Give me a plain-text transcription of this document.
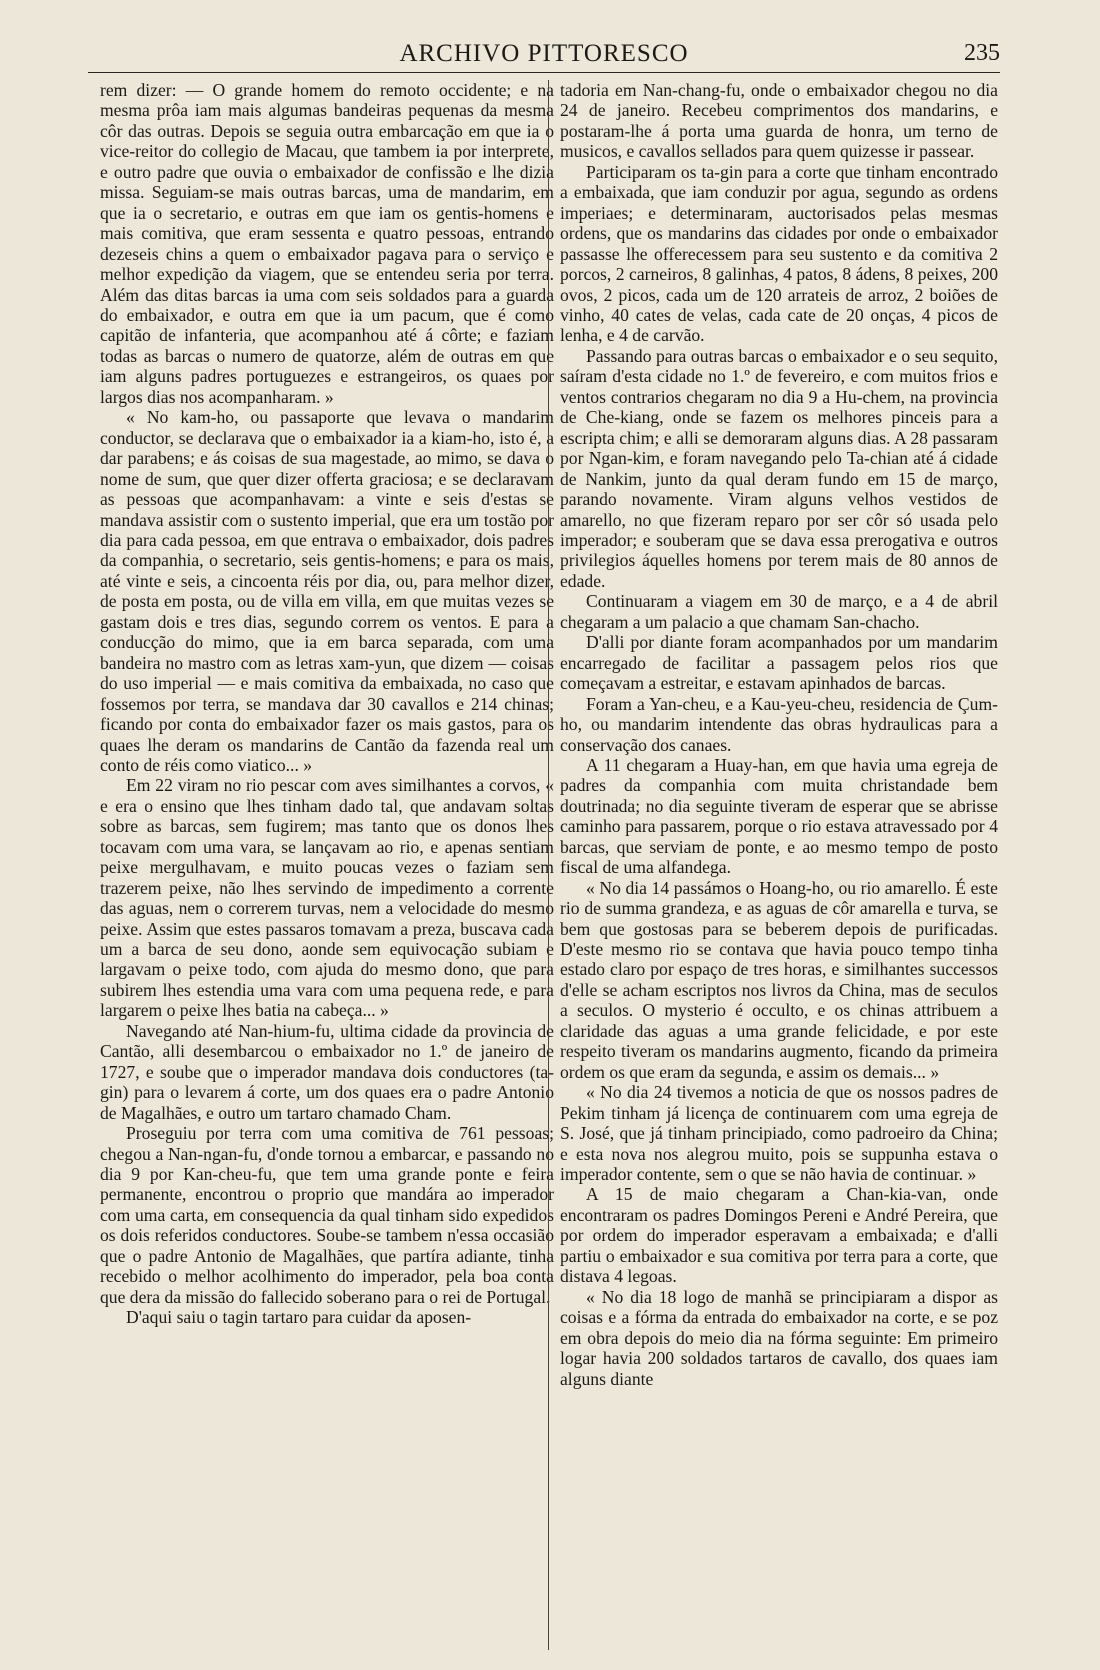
ARCHIVO PITTORESCO	235

rem dizer: — O grande homem do remoto occidente; e na mesma prôa iam mais algumas bandeiras pequenas da mesma côr das outras. Depois se seguia outra embarcação em que ia o vice-reitor do collegio de Macau, que tambem ia por interprete, e outro padre que ouvia o embaixador de confissão e lhe dizia missa. Seguiam-se mais outras barcas, uma de mandarim, em que ia o secretario, e outras em que iam os gentis-homens e mais comitiva, que eram sessenta e quatro pessoas, entrando dezeseis chins a quem o embaixador pagava para o serviço e melhor expedição da viagem, que se entendeu seria por terra. Além das ditas barcas ia uma com seis soldados para a guarda do embaixador, e outra em que ia um pacum, que é como capitão de infanteria, que acompanhou até á côrte; e faziam todas as barcas o numero de quatorze, além de outras em que iam alguns padres portuguezes e estrangeiros, os quaes por largos dias nos acompanharam. »

« No kam-ho, ou passaporte que levava o mandarim conductor, se declarava que o embaixador ia a kiam-ho, isto é, a dar parabens; e ás coisas de sua magestade, ao mimo, se dava o nome de sum, que quer dizer offerta graciosa; e se declaravam as pessoas que acompanhavam: a vinte e seis d'estas se mandava assistir com o sustento imperial, que era um tostão por dia para cada pessoa, em que entrava o embaixador, dois padres da companhia, o secretario, seis gentis-homens; e para os mais, até vinte e seis, a cincoenta réis por dia, ou, para melhor dizer, de posta em posta, ou de villa em villa, em que muitas vezes se gastam dois e tres dias, segundo correm os ventos. E para a conducção do mimo, que ia em barca separada, com uma bandeira no mastro com as letras xam-yun, que dizem — coisas do uso imperial — e mais comitiva da embaixada, no caso que fossemos por terra, se mandava dar 30 cavallos e 214 chinas; ficando por conta do embaixador fazer os mais gastos, para os quaes lhe deram os mandarins de Cantão da fazenda real um conto de réis como viatico... »

Em 22 viram no rio pescar com aves similhantes a corvos, « e era o ensino que lhes tinham dado tal, que andavam soltas sobre as barcas, sem fugirem; mas tanto que os donos lhes tocavam com uma vara, se lançavam ao rio, e apenas sentiam peixe mergulhavam, e muito poucas vezes o faziam sem trazerem peixe, não lhes servindo de impedimento a corrente das aguas, nem o correrem turvas, nem a velocidade do mesmo peixe. Assim que estes passaros tomavam a preza, buscava cada um a barca de seu dono, aonde sem equivocação subiam e largavam o peixe todo, com ajuda do mesmo dono, que para subirem lhes estendia uma vara com uma pequena rede, e para largarem o peixe lhes batia na cabeça... »

Navegando até Nan-hium-fu, ultima cidade da provincia de Cantão, alli desembarcou o embaixador no 1.º de janeiro de 1727, e soube que o imperador mandava dois conductores (ta-gin) para o levarem á corte, um dos quaes era o padre Antonio de Magalhães, e outro um tartaro chamado Cham.

Proseguiu por terra com uma comitiva de 761 pessoas; chegou a Nan-ngan-fu, d'onde tornou a embarcar, e passando no dia 9 por Kan-cheu-fu, que tem uma grande ponte e feira permanente, encontrou o proprio que mandára ao imperador com uma carta, em consequencia da qual tinham sido expedidos os dois referidos conductores. Soube-se tambem n'essa occasião que o padre Antonio de Magalhães, que partíra adiante, tinha recebido o melhor acolhimento do imperador, pela boa conta que dera da missão do fallecido soberano para o rei de Portugal.

D'aqui saiu o tagin tartaro para cuidar da aposen-

tadoria em Nan-chang-fu, onde o embaixador chegou no dia 24 de janeiro. Recebeu comprimentos dos mandarins, e postaram-lhe á porta uma guarda de honra, um terno de musicos, e cavallos sellados para quem quizesse ir passear.

Participaram os ta-gin para a corte que tinham encontrado a embaixada, que iam conduzir por agua, segundo as ordens imperiaes; e determinaram, auctorisados pelas mesmas ordens, que os mandarins das cidades por onde o embaixador passasse lhe offerecessem para seu sustento e da comitiva 2 porcos, 2 carneiros, 8 galinhas, 4 patos, 8 ádens, 8 peixes, 200 ovos, 2 picos, cada um de 120 arrateis de arroz, 2 boiões de vinho, 40 cates de velas, cada cate de 20 onças, 4 picos de lenha, e 4 de carvão.

Passando para outras barcas o embaixador e o seu sequito, saíram d'esta cidade no 1.º de fevereiro, e com muitos frios e ventos contrarios chegaram no dia 9 a Hu-chem, na provincia de Che-kiang, onde se fazem os melhores pinceis para a escripta chim; e alli se demoraram alguns dias. A 28 passaram por Ngan-kim, e foram navegando pelo Ta-chian até á cidade de Nankim, junto da qual deram fundo em 15 de março, parando novamente. Viram alguns velhos vestidos de amarello, no que fizeram reparo por ser côr só usada pelo imperador; e souberam que se dava essa prerogativa e outros privilegios áquelles homens por terem mais de 80 annos de edade.

Continuaram a viagem em 30 de março, e a 4 de abril chegaram a um palacio a que chamam San-chacho.

D'alli por diante foram acompanhados por um mandarim encarregado de facilitar a passagem pelos rios que começavam a estreitar, e estavam apinhados de barcas.

Foram a Yan-cheu, e a Kau-yeu-cheu, residencia de Çum-ho, ou mandarim intendente das obras hydraulicas para a conservação dos canaes.

A 11 chegaram a Huay-han, em que havia uma egreja de padres da companhia com muita christandade bem doutrinada; no dia seguinte tiveram de esperar que se abrisse caminho para passarem, porque o rio estava atravessado por 4 barcas, que serviam de ponte, e ao mesmo tempo de posto fiscal de uma alfandega.

« No dia 14 passámos o Hoang-ho, ou rio amarello. É este rio de summa grandeza, e as aguas de côr amarella e turva, se bem que gostosas para se beberem depois de purificadas. D'este mesmo rio se contava que havia pouco tempo tinha estado claro por espaço de tres horas, e similhantes successos d'elle se acham escriptos nos livros da China, mas de seculos a seculos. O mysterio é occulto, e os chinas attribuem a claridade das aguas a uma grande felicidade, e por este respeito tiveram os mandarins augmento, ficando da primeira ordem os que eram da segunda, e assim os demais... »

« No dia 24 tivemos a noticia de que os nossos padres de Pekim tinham já licença de continuarem com uma egreja de S. José, que já tinham principiado, como padroeiro da China; e esta nova nos alegrou muito, pois se suppunha estava o imperador contente, sem o que se não havia de continuar. »

A 15 de maio chegaram a Chan-kia-van, onde encontraram os padres Domingos Pereni e André Pereira, que por ordem do imperador esperavam a embaixada; e d'alli partiu o embaixador e sua comitiva por terra para a corte, que distava 4 legoas.

« No dia 18 logo de manhã se principiaram a dispor as coisas e a fórma da entrada do embaixador na corte, e se poz em obra depois do meio dia na fórma seguinte: Em primeiro logar havia 200 soldados tartaros de cavallo, dos quaes iam alguns diante
